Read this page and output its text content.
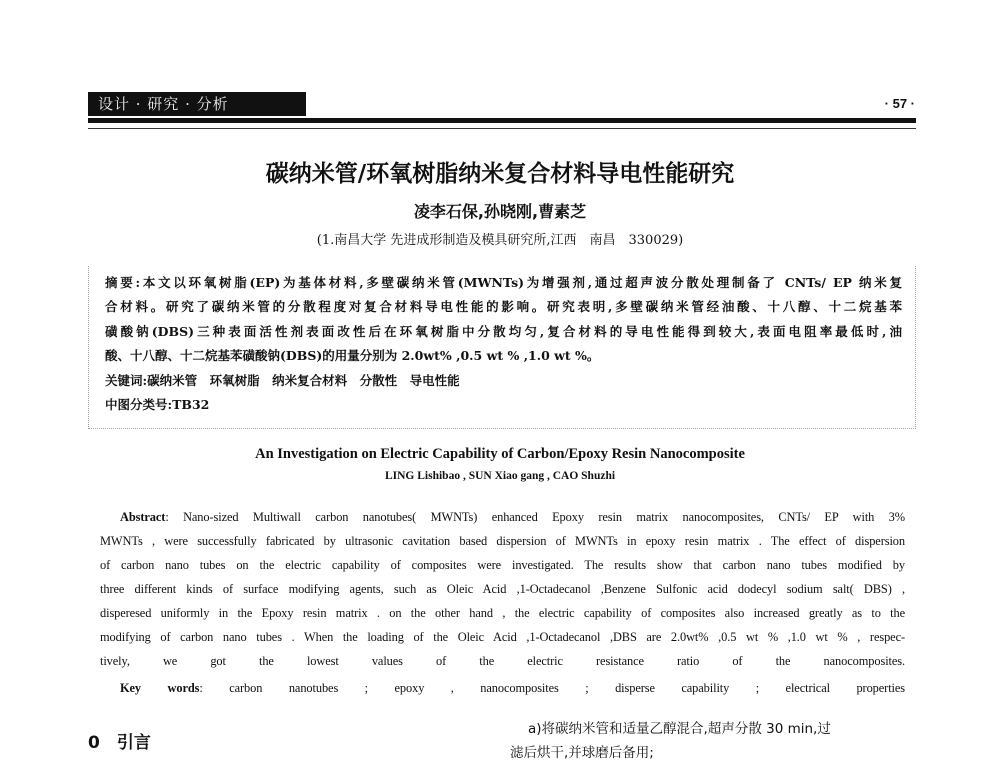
设计 · 研究 · 分析	· 57 ·
碳纳米管/环氧树脂纳米复合材料导电性能研究
凌李石保,孙晓刚,曹素芝
(1.南昌大学 先进成形制造及模具研究所,江西　南昌　330029)
摘要:本文以环氧树脂(EP)为基体材料,多壁碳纳米管(MWNTs)为增强剂,通过超声波分散处理制备了 CNTs/ EP 纳米复
合材料。研究了碳纳米管的分散程度对复合材料导电性能的影响。研究表明,多壁碳纳米管经油酸、十八醇、十二烷基苯
磺酸钠(DBS)三种表面活性剂表面改性后在环氧树脂中分散均匀,复合材料的导电性能得到较大,表面电阻率最低时,油
酸、十八醇、十二烷基苯磺酸钠(DBS)的用量分别为 2.0wt% ,0.5 wt % ,1.0 wt %。
关键词:碳纳米管　环氧树脂　纳米复合材料　分散性　导电性能
中图分类号:TB32
An Investigation on Electric Capability of Carbon/Epoxy Resin Nanocomposite
LING Lishibao , SUN Xiao gang , CAO Shuzhi
Abstract: Nano-sized Multiwall carbon nanotubes( MWNTs) enhanced Epoxy resin matrix nanocomposites, CNTs/ EP with 3%
MWNTs , were successfully fabricated by ultrasonic cavitation based dispersion of MWNTs in epoxy resin matrix . The effect of dispersion
of carbon nano tubes on the electric capability of composites were investigated. The results show that carbon nano tubes modified by
three different kinds of surface modifying agents, such as Oleic Acid ,1-Octadecanol ,Benzene Sulfonic acid dodecyl sodium salt( DBS) ,
disperesed uniformly in the Epoxy resin matrix . on the other hand , the electric capability of composites also increased greatly as to the
modifying of carbon nano tubes . When the loading of the Oleic Acid ,1-Octadecanol ,DBS are 2.0wt% ,0.5 wt % ,1.0 wt % , respec-
tively, we got the lowest values of the electric resistance ratio of the nanocomposites.
Key words: carbon nanotubes ; epoxy , nanocomposites ; disperse capability ; electrical properties
0　引言
a)将碳纳米管和适量乙醇混合,超声分散 30 min,过
滤后烘干,并球磨后备用;
